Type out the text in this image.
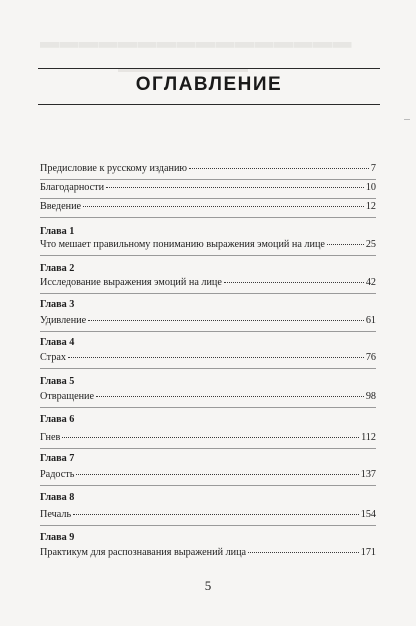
▬▬▬▬▬▬▬▬▬▬▬▬▬▬▬▬
▬▬▬▬▬▬▬▬▬▬▬▬▬
ОГЛАВЛЕНИЕ
Предисловие к русскому изданию	7
Благодарности	10
Введение	12
Глава 1
Что мешает правильному пониманию выражения эмоций на лице	25
Глава 2
Исследование выражения эмоций на лице	42
Глава 3
Удивление	61
Глава 4
Страх	76
Глава 5
Отвращение	98
Глава 6
Гнев	112
Глава 7
Радость	137
Глава 8
Печаль	154
Глава 9
Практикум для распознавания выражений лица	171
5
